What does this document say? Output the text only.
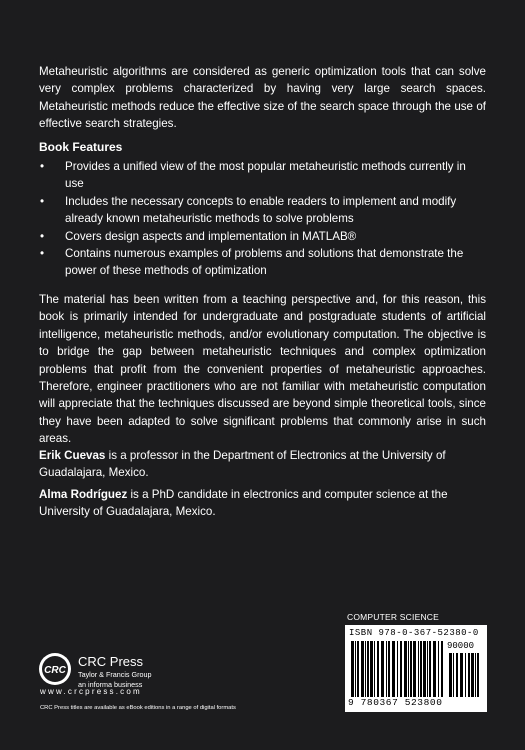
Metaheuristic algorithms are considered as generic optimization tools that can solve very complex problems characterized by having very large search spaces. Metaheuristic methods reduce the effective size of the search space through the use of effective search strategies.
Book Features
• Provides a unified view of the most popular metaheuristic methods currently in use
• Includes the necessary concepts to enable readers to implement and modify already known metaheuristic methods to solve problems
• Covers design aspects and implementation in MATLAB®
• Contains numerous examples of problems and solutions that demonstrate the power of these methods of optimization
The material has been written from a teaching perspective and, for this reason, this book is primarily intended for undergraduate and postgraduate students of artificial intelligence, metaheuristic methods, and/or evolutionary computation. The objective is to bridge the gap between metaheuristic techniques and complex optimization problems that profit from the convenient properties of metaheuristic approaches. Therefore, engineer practitioners who are not familiar with metaheuristic computation will appreciate that the techniques discussed are beyond simple theoretical tools, since they have been adapted to solve significant problems that commonly arise in such areas.
Erik Cuevas is a professor in the Department of Electronics at the University of Guadalajara, Mexico.
Alma Rodríguez is a PhD candidate in electronics and computer science at the University of Guadalajara, Mexico.
COMPUTER SCIENCE
ISBN 978-0-367-52380-0
90000
9 780367 523800
CRC
CRC Press
Taylor & Francis Group
an informa business
www.crcpress.com
CRC Press titles are available as eBook editions in a range of digital formats
